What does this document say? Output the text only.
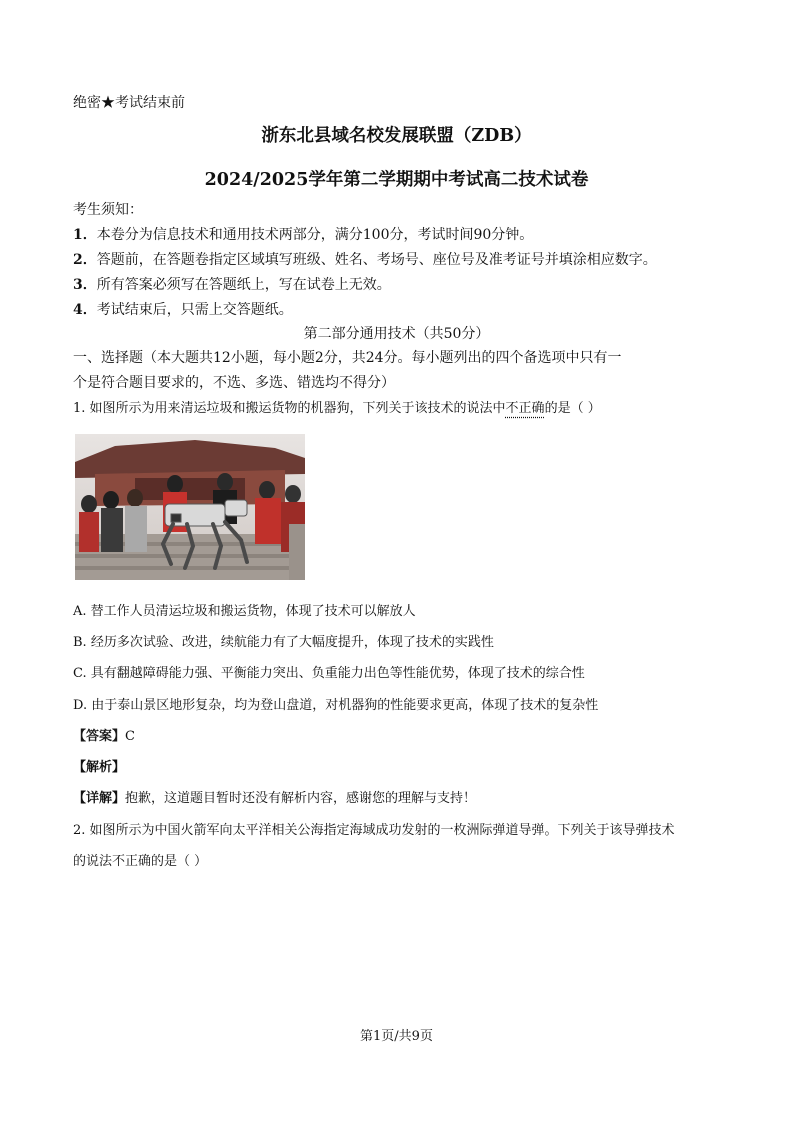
绝密★考试结束前
浙东北县域名校发展联盟（ZDB）
2024/2025学年第二学期期中考试高二技术试卷
考生须知：
1．本卷分为信息技术和通用技术两部分，满分100分，考试时间90分钟。
2．答题前，在答题卷指定区域填写班级、姓名、考场号、座位号及准考证号并填涂相应数字。
3．所有答案必须写在答题纸上，写在试卷上无效。
4．考试结束后，只需上交答题纸。
第二部分通用技术（共50分）
一、选择题（本大题共12小题，每小题2分，共24分。每小题列出的四个备选项中只有一
个是符合题目要求的，不选、多选、错选均不得分）
1. 如图所示为用来清运垃圾和搬运货物的机器狗，下列关于该技术的说法中不正确的是（ ）
A. 替工作人员清运垃圾和搬运货物，体现了技术可以解放人
B. 经历多次试验、改进，续航能力有了大幅度提升，体现了技术的实践性
C. 具有翻越障碍能力强、平衡能力突出、负重能力出色等性能优势，体现了技术的综合性
D. 由于泰山景区地形复杂，均为登山盘道，对机器狗的性能要求更高，体现了技术的复杂性
【答案】C
【解析】
【详解】抱歉，这道题目暂时还没有解析内容，感谢您的理解与支持！
2. 如图所示为中国火箭军向太平洋相关公海指定海域成功发射的一枚洲际弹道导弹。下列关于该导弹技术
的说法不正确的是（ ）
第1页/共9页
